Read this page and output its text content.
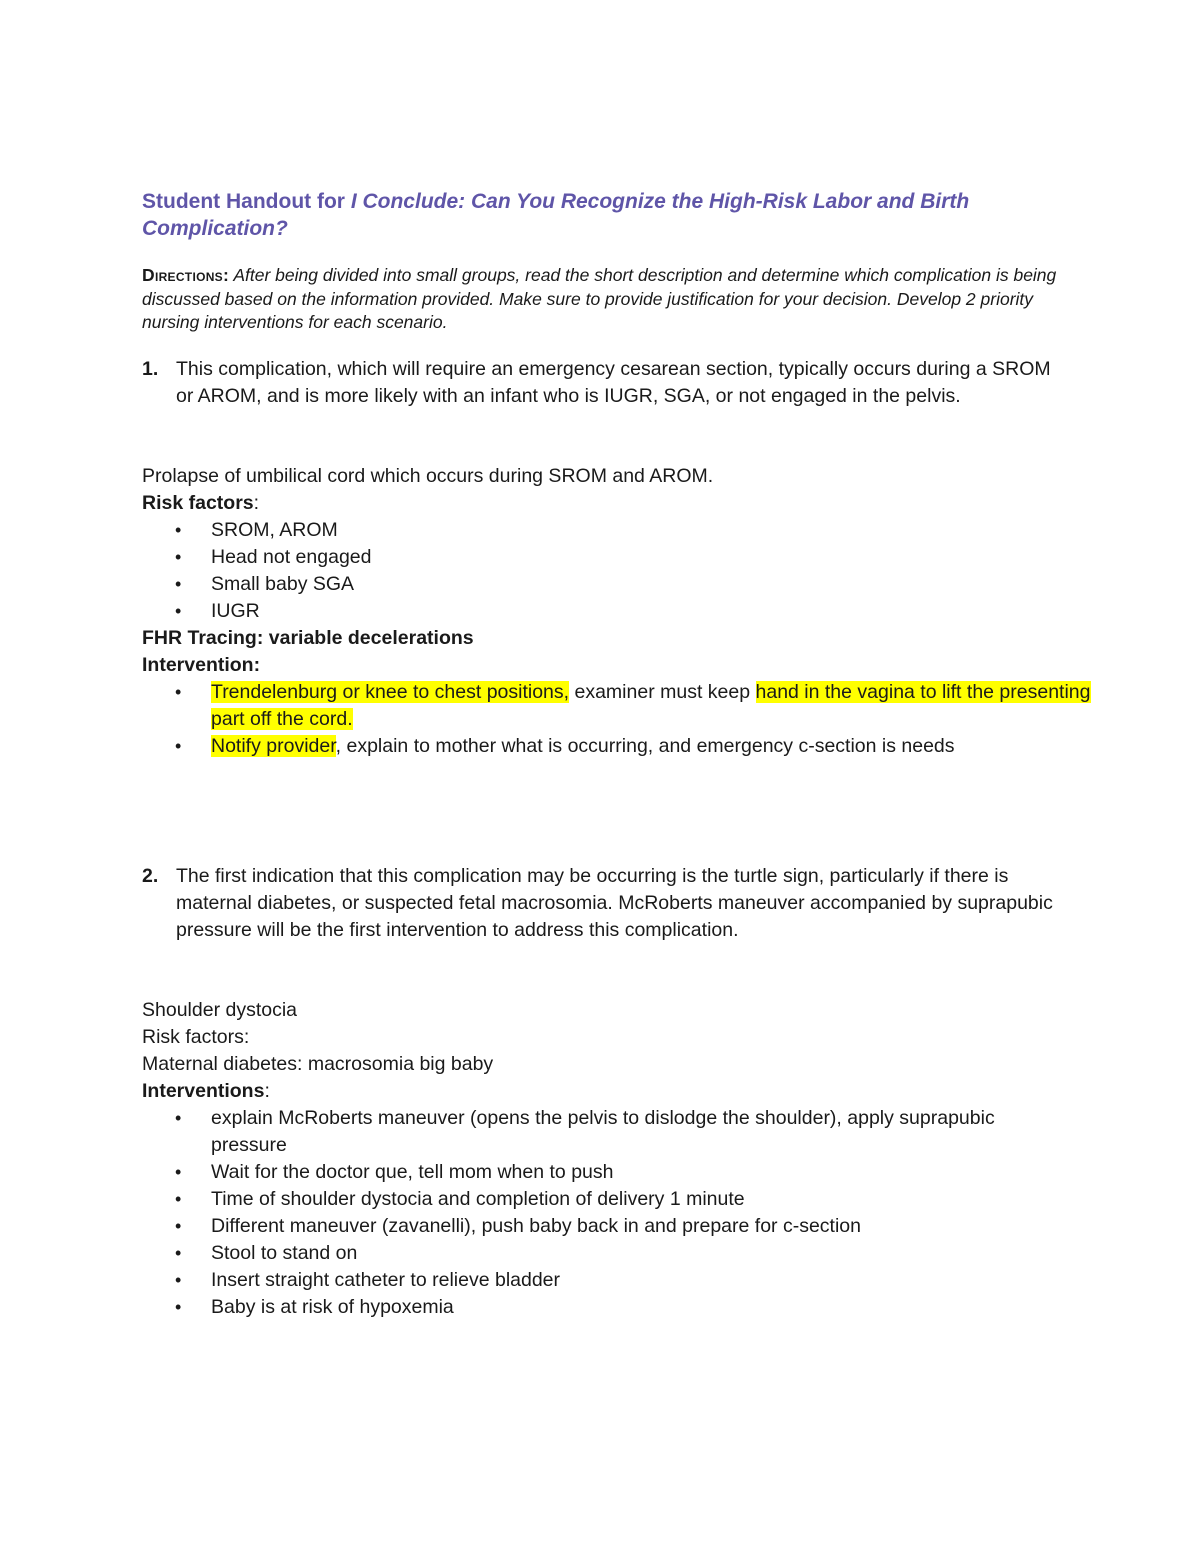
Student Handout for I Conclude: Can You Recognize the High-Risk Labor and Birth Complication?
Directions: After being divided into small groups, read the short description and determine which complication is being discussed based on the information provided. Make sure to provide justification for your decision. Develop 2 priority nursing interventions for each scenario.
1. This complication, which will require an emergency cesarean section, typically occurs during a SROM or AROM, and is more likely with an infant who is IUGR, SGA, or not engaged in the pelvis.

Prolapse of umbilical cord which occurs during SROM and AROM.

Risk factors:

• SROM, AROM
• Head not engaged
• Small baby SGA
• IUGR

FHR Tracing: variable decelerations

Intervention:

• Trendelenburg or knee to chest positions, examiner must keep hand in the vagina to lift the presenting part off the cord.
• Notify provider, explain to mother what is occurring, and emergency c-section is needs
2. The first indication that this complication may be occurring is the turtle sign, particularly if there is maternal diabetes, or suspected fetal macrosomia. McRoberts maneuver accompanied by suprapubic pressure will be the first intervention to address this complication.

Shoulder dystocia

Risk factors:

Maternal diabetes: macrosomia big baby

Interventions:

• explain McRoberts maneuver (opens the pelvis to dislodge the shoulder), apply suprapubic pressure
• Wait for the doctor que, tell mom when to push
• Time of shoulder dystocia and completion of delivery 1 minute
• Different maneuver (zavanelli), push baby back in and prepare for c-section
• Stool to stand on
• Insert straight catheter to relieve bladder
• Baby is at risk of hypoxemia
